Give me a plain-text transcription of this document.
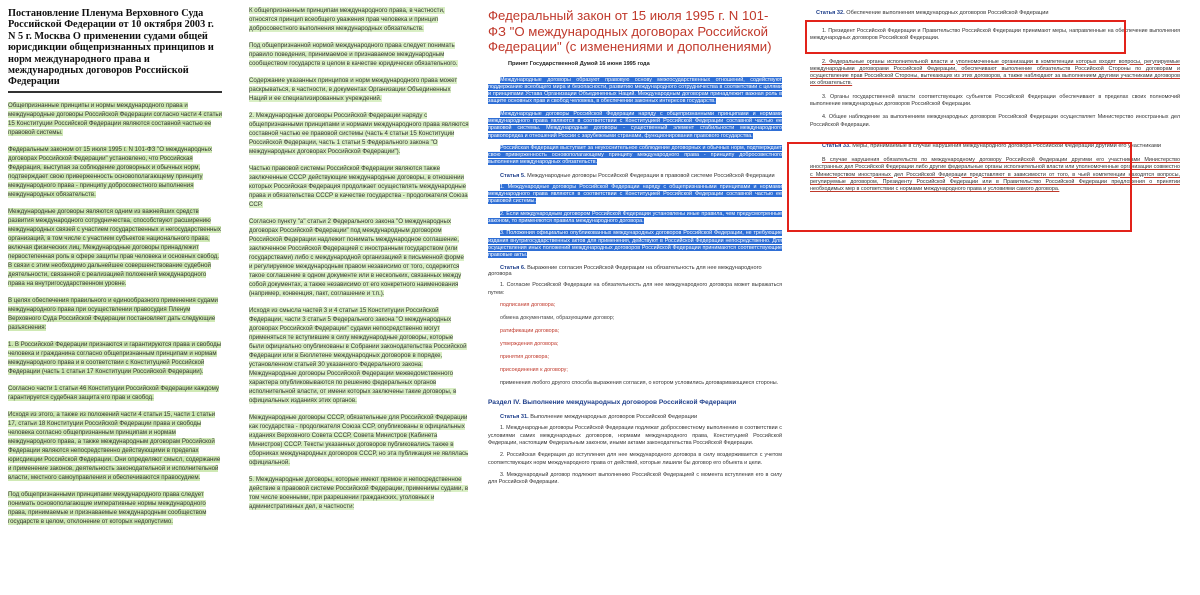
Постановление Пленума Верховного Суда Российской Федерации от 10 октября 2003 г. N 5 г. Москва О применении судами общей юрисдикции общепризнанных принципов и норм международного права и международных договоров Российской Федерации
Общепризнанные принципы и нормы международного права и международные договоры Российской Федерации согласно части 4 статьи 15 Конституции Российской Федерации являются составной частью ее правовой системы.
Федеральным законом от 15 июля 1995 г. N 101-ФЗ "О международных договорах Российской Федерации" установлено, что Российская Федерация, выступая за соблюдение договорных и обычных норм, подтверждает свою приверженность основополагающему принципу международного права - принципу добросовестного выполнения международных обязательств.
Международные договоры являются одним из важнейших средств развития международного сотрудничества, способствуют расширению международных связей с участием государственных и негосударственных организаций, в том числе с участием субъектов национального права, включая физических лиц. Международные договоры принадлежит первостепенная роль в сфере защиты прав человека и основных свобод. В связи с этим необходимо дальнейшее совершенствование судебной деятельности, связанной с реализацией положений международного права на внутригосударственном уровне.
В целях обеспечения правильного и единообразного применения судами международного права при осуществлении правосудия Пленум Верховного Суда Российской Федерации постановляет дать следующие разъяснения:
1. В Российской Федерации признаются и гарантируются права и свободы человека и гражданина согласно общепризнанным принципам и нормам международного права и в соответствии с Конституцией Российской Федерации (часть 1 статьи 17 Конституции Российской Федерации).
Согласно части 1 статьи 46 Конституции Российской Федерации каждому гарантируется судебная защита его прав и свобод.
Исходя из этого, а также из положений части 4 статьи 15, части 1 статьи 17, статьи 18 Конституции Российской Федерации права и свободы человека согласно общепризнанным принципам и нормам международного права, а также международным договорам Российской Федерации являются непосредственно действующими в пределах юрисдикции Российской Федерации. Они определяют смысл, содержание и применение законов, деятельность законодательной и исполнительной власти, местного самоуправления и обеспечиваются правосудием.
Под общепризнанными принципами международного права следует понимать основополагающие императивные нормы международного права, принимаемые и признаваемые международным сообществом государств в целом, отклонение от которых недопустимо.
К общепризнанным принципам международного права, в частности, относятся принцип всеобщего уважения прав человека и принцип добросовестного выполнения международных обязательств.
Под общепризнанной нормой международного права следует понимать правило поведения, принимаемое и признаваемое международным сообществом государств в целом в качестве юридически обязательного.
Содержание указанных принципов и норм международного права может раскрываться, в частности, в документах Организации Объединенных Наций и ее специализированных учреждений.
2. Международные договоры Российской Федерации наряду с общепризнанными принципами и нормами международного права являются составной частью ее правовой системы (часть 4 статьи 15 Конституции Российской Федерации, часть 1 статьи 5 Федерального закона "О международных договорах Российской Федерации").
Частью правовой системы Российской Федерации являются также заключенные СССР действующие международные договоры, в отношении которых Российская Федерация продолжает осуществлять международные права и обязательства СССР в качестве государства - продолжателя Союза ССР.
Согласно пункту "а" статьи 2 Федерального закона "О международных договорах Российской Федерации" под международным договором Российской Федерации надлежит понимать международное соглашение, заключенное Российской Федерацией с иностранным государством (или государствами) либо с международной организацией в письменной форме и регулируемое международным правом независимо от того, содержится такое соглашение в одном документе или в нескольких, связанных между собой документах, а также независимо от его конкретного наименования (например, конвенция, пакт, соглашение и т.п.).
Исходя из смысла частей 3 и 4 статьи 15 Конституции Российской Федерации, части 3 статьи 5 Федерального закона "О международных договорах Российской Федерации" судами непосредственно могут применяться те вступившие в силу международные договоры, которые были официально опубликованы в Собрании законодательства Российской Федерации или в Бюллетене международных договоров в порядке, установленном статьей 30 указанного Федерального закона. Международные договоры Российской Федерации межведомственного характера опубликовываются по решению федеральных органов исполнительной власти, от имени которых заключены такие договоры, в официальных изданиях этих органов.
Международные договоры СССР, обязательные для Российской Федерации как государства - продолжателя Союза ССР, опубликованы в официальных изданиях Верховного Совета СССР, Совета Министров (Кабинета Министров) СССР. Тексты указанных договоров публиковались также в сборниках международных договоров СССР, но эта публикация не являлась официальной.
5. Международные договоры, которые имеют прямое и непосредственное действие в правовой системе Российской Федерации, применимы судами, в том числе военными, при разрешении гражданских, уголовных и административных дел, в частности:
Федеральный закон от 15 июля 1995 г. N 101-ФЗ "О международных договорах Российской Федерации" (с изменениями и дополнениями)
Принят Государственной Думой 16 июня 1995 года
Международные договоры образуют правовую основу межгосударственных отношений, содействуют поддержанию всеобщего мира и безопасности, развитию международного сотрудничества в соответствии с целями и принципами Устава Организации Объединенных Наций. Международным договорам принадлежит важная роль в защите основных прав и свобод человека, в обеспечении законных интересов государств.
Международные договоры Российской Федерации наряду с общепризнанными принципами и нормами международного права являются в соответствии с Конституцией Российской Федерации составной частью ее правовой системы. Международные договоры - существенный элемент стабильности международного правопорядка и отношений России с зарубежными странами, функционирования правового государства.
Российская Федерация выступает за неукоснительное соблюдение договорных и обычных норм, подтверждает свою приверженность основополагающему принципу международного права - принципу добросовестного выполнения международных обязательств.
Статья 5. Международные договоры Российской Федерации в правовой системе Российской Федерации
1. Международные договоры Российской Федерации наряду с общепризнанными принципами и нормами международного права являются в соответствии с Конституцией Российской Федерации составной частью ее правовой системы.
2. Если международным договором Российской Федерации установлены иные правила, чем предусмотренные законом, то применяются правила международного договора.
3. Положения официально опубликованных международных договоров Российской Федерации, не требующие издания внутригосударственных актов для применения, действуют в Российской Федерации непосредственно. Для осуществления иных положений международных договоров Российской Федерации принимаются соответствующие правовые акты.
Статья 6. Выражение согласия Российской Федерации на обязательность для нее международного договора
1. Согласие Российской Федерации на обязательность для нее международного договора может выражаться путем:
подписания договора;
обмена документами, образующими договор;
ратификации договора;
утверждения договора;
принятия договора;
присоединения к договору;
применения любого другого способа выражения согласия, о котором условились договаривающиеся стороны.
Раздел IV. Выполнение международных договоров Российской Федерации
Статья 31. Выполнение международных договоров Российской Федерации
1. Международные договоры Российской Федерации подлежат добросовестному выполнению в соответствии с условиями самих международных договоров, нормами международного права, Конституцией Российской Федерации, настоящим Федеральным законом, иными актами законодательства Российской Федерации.
2. Российская Федерация до вступления для нее международного договора в силу воздерживается с учетом соответствующих норм международного права от действий, которые лишили бы договор его объекта и цели.
3. Международный договор подлежит выполнению Российской Федерацией с момента вступления его в силу для Российской Федерации.
Статья 32. Обеспечение выполнения международных договоров Российской Федерации
1. Президент Российской Федерации и Правительство Российской Федерации принимают меры, направленные на обеспечение выполнения международных договоров Российской Федерации.
2. Федеральные органы исполнительной власти и уполномоченные организации в компетенции которых входят вопросы, регулируемые международными договорами Российской Федерации, обеспечивают выполнение обязательств Российской Стороны по договорам и осуществление прав Российской Стороны, вытекающих из этих договоров, а также наблюдают за выполнением другими участниками договоров их обязательств.
3. Органы государственной власти соответствующих субъектов Российской Федерации обеспечивают в пределах своих полномочий выполнение международных договоров Российской Федерации.
4. Общее наблюдение за выполнением международных договоров Российской Федерации осуществляет Министерство иностранных дел Российской Федерации.
Статья 33. Меры, принимаемые в случае нарушения международного договора Российской Федерации другими его участниками
В случае нарушения обязательств по международному договору Российской Федерации другими его участниками Министерство иностранных дел Российской Федерации либо другие федеральные органы исполнительной власти или уполномоченные организации совместно с Министерством иностранных дел Российской Федерации представляют в зависимости от того, в чьей компетенции находятся вопросы, регулируемые договором, Президенту Российской Федерации или в Правительство Российской Федерации предложения о принятии необходимых мер в соответствии с нормами международного права и условиями самого договора.
